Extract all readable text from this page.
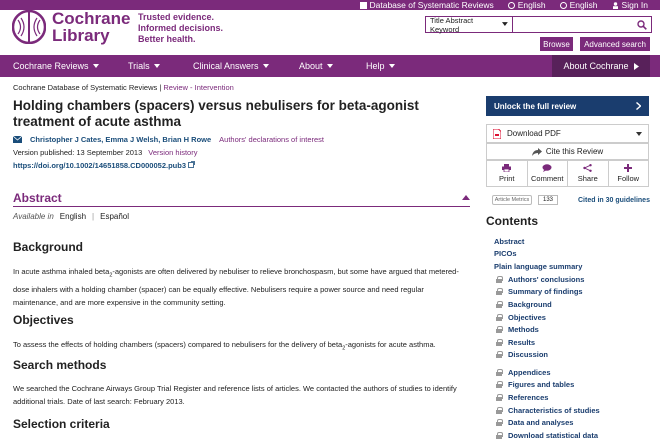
Database of Systematic Reviews	English	English	Sign In
Cochrane
Library
Trusted evidence.
Informed decisions.
Better health.
Title Abstract Keyword
Browse	Advanced search
Cochrane Reviews	Trials	Clinical Answers	About	Help	About Cochrane
Cochrane Database of Systematic Reviews | Review - Intervention
Holding chambers (spacers) versus nebulisers for beta-agonist treatment of acute asthma
Christopher J Cates, Emma J Welsh, Brian H Rowe Authors' declarations of interest
Version published: 13 September 2013 Version history
https://doi.org/10.1002/14651858.CD000052.pub3
Abstract
Available in English | Español
Background

In acute asthma inhaled beta$_2$-agonists are often delivered by nebuliser to relieve bronchospasm, but some have argued that metered-dose inhalers with a holding chamber (spacer) can be equally effective. Nebulisers require a power source and need regular maintenance, and are more expensive in the community setting.

Objectives

To assess the effects of holding chambers (spacers) compared to nebulisers for the delivery of beta$_2$-agonists for acute asthma.

Search methods

We searched the Cochrane Airways Group Trial Register and reference lists of articles. We contacted the authors of studies to identify additional trials. Date of last search: February 2013.

Selection criteria
Unlock the full review
Download PDF
Cite this Review
Print Comment Share	Follow
Article Metrics	133	Cited in 30 guidelines
Contents
Abstract
PICOs
Plain language summary
Authors' conclusions
Summary of findings
Background
Objectives
Methods
Results
Discussion
Appendices
Figures and tables
References
Characteristics of studies
Data and analyses
Download statistical data
